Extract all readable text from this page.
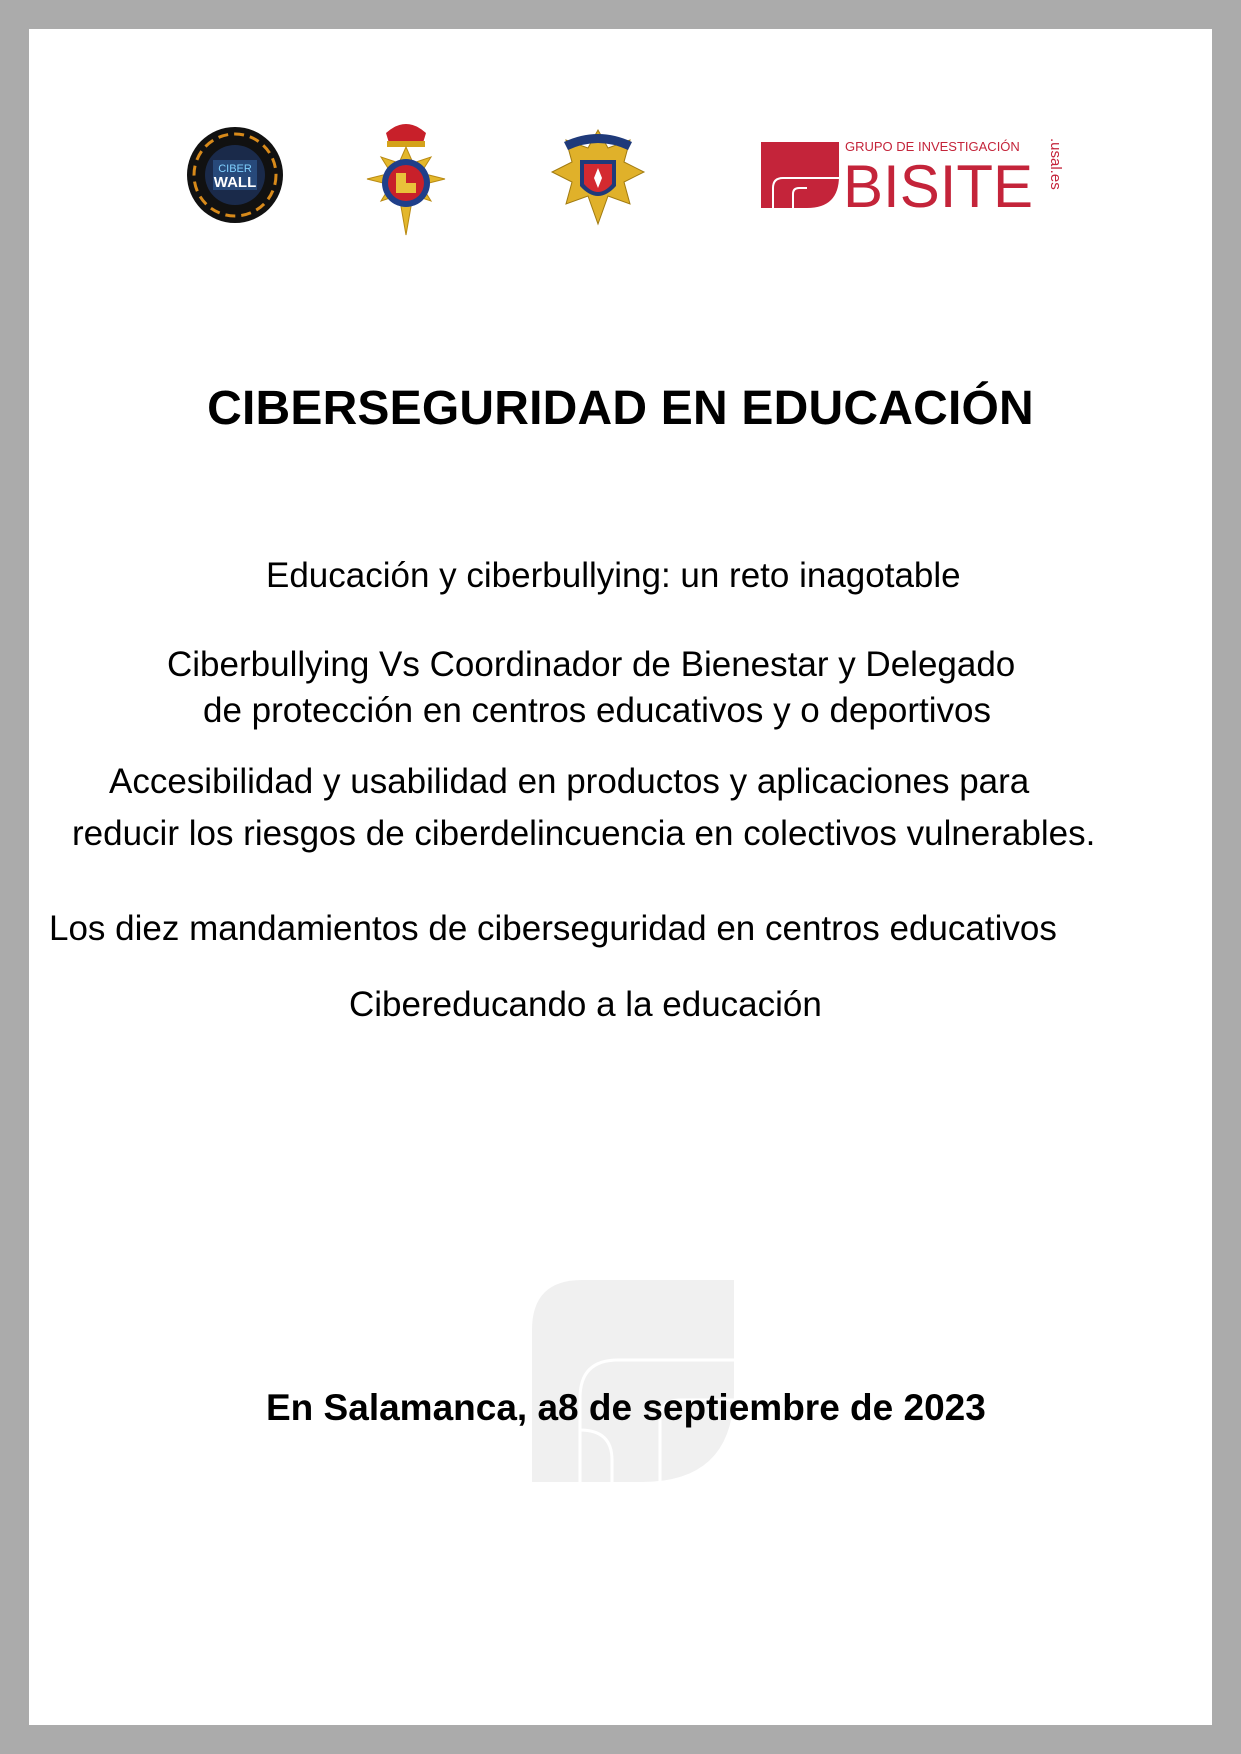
CIBER
WALL
GRUPO DE INVESTIGACIÓN
BISITE .usal.es
CIBERSEGURIDAD EN EDUCACIÓN
Educación y ciberbullying: un reto inagotable
Ciberbullying Vs Coordinador de Bienestar y Delegado
de protección en centros educativos y o deportivos
Accesibilidad y usabilidad en productos y aplicaciones para
reducir los riesgos de ciberdelincuencia en colectivos vulnerables.
Los diez mandamientos de ciberseguridad en centros educativos
Cibereducando a la educación
En Salamanca, a8 de septiembre de 2023
